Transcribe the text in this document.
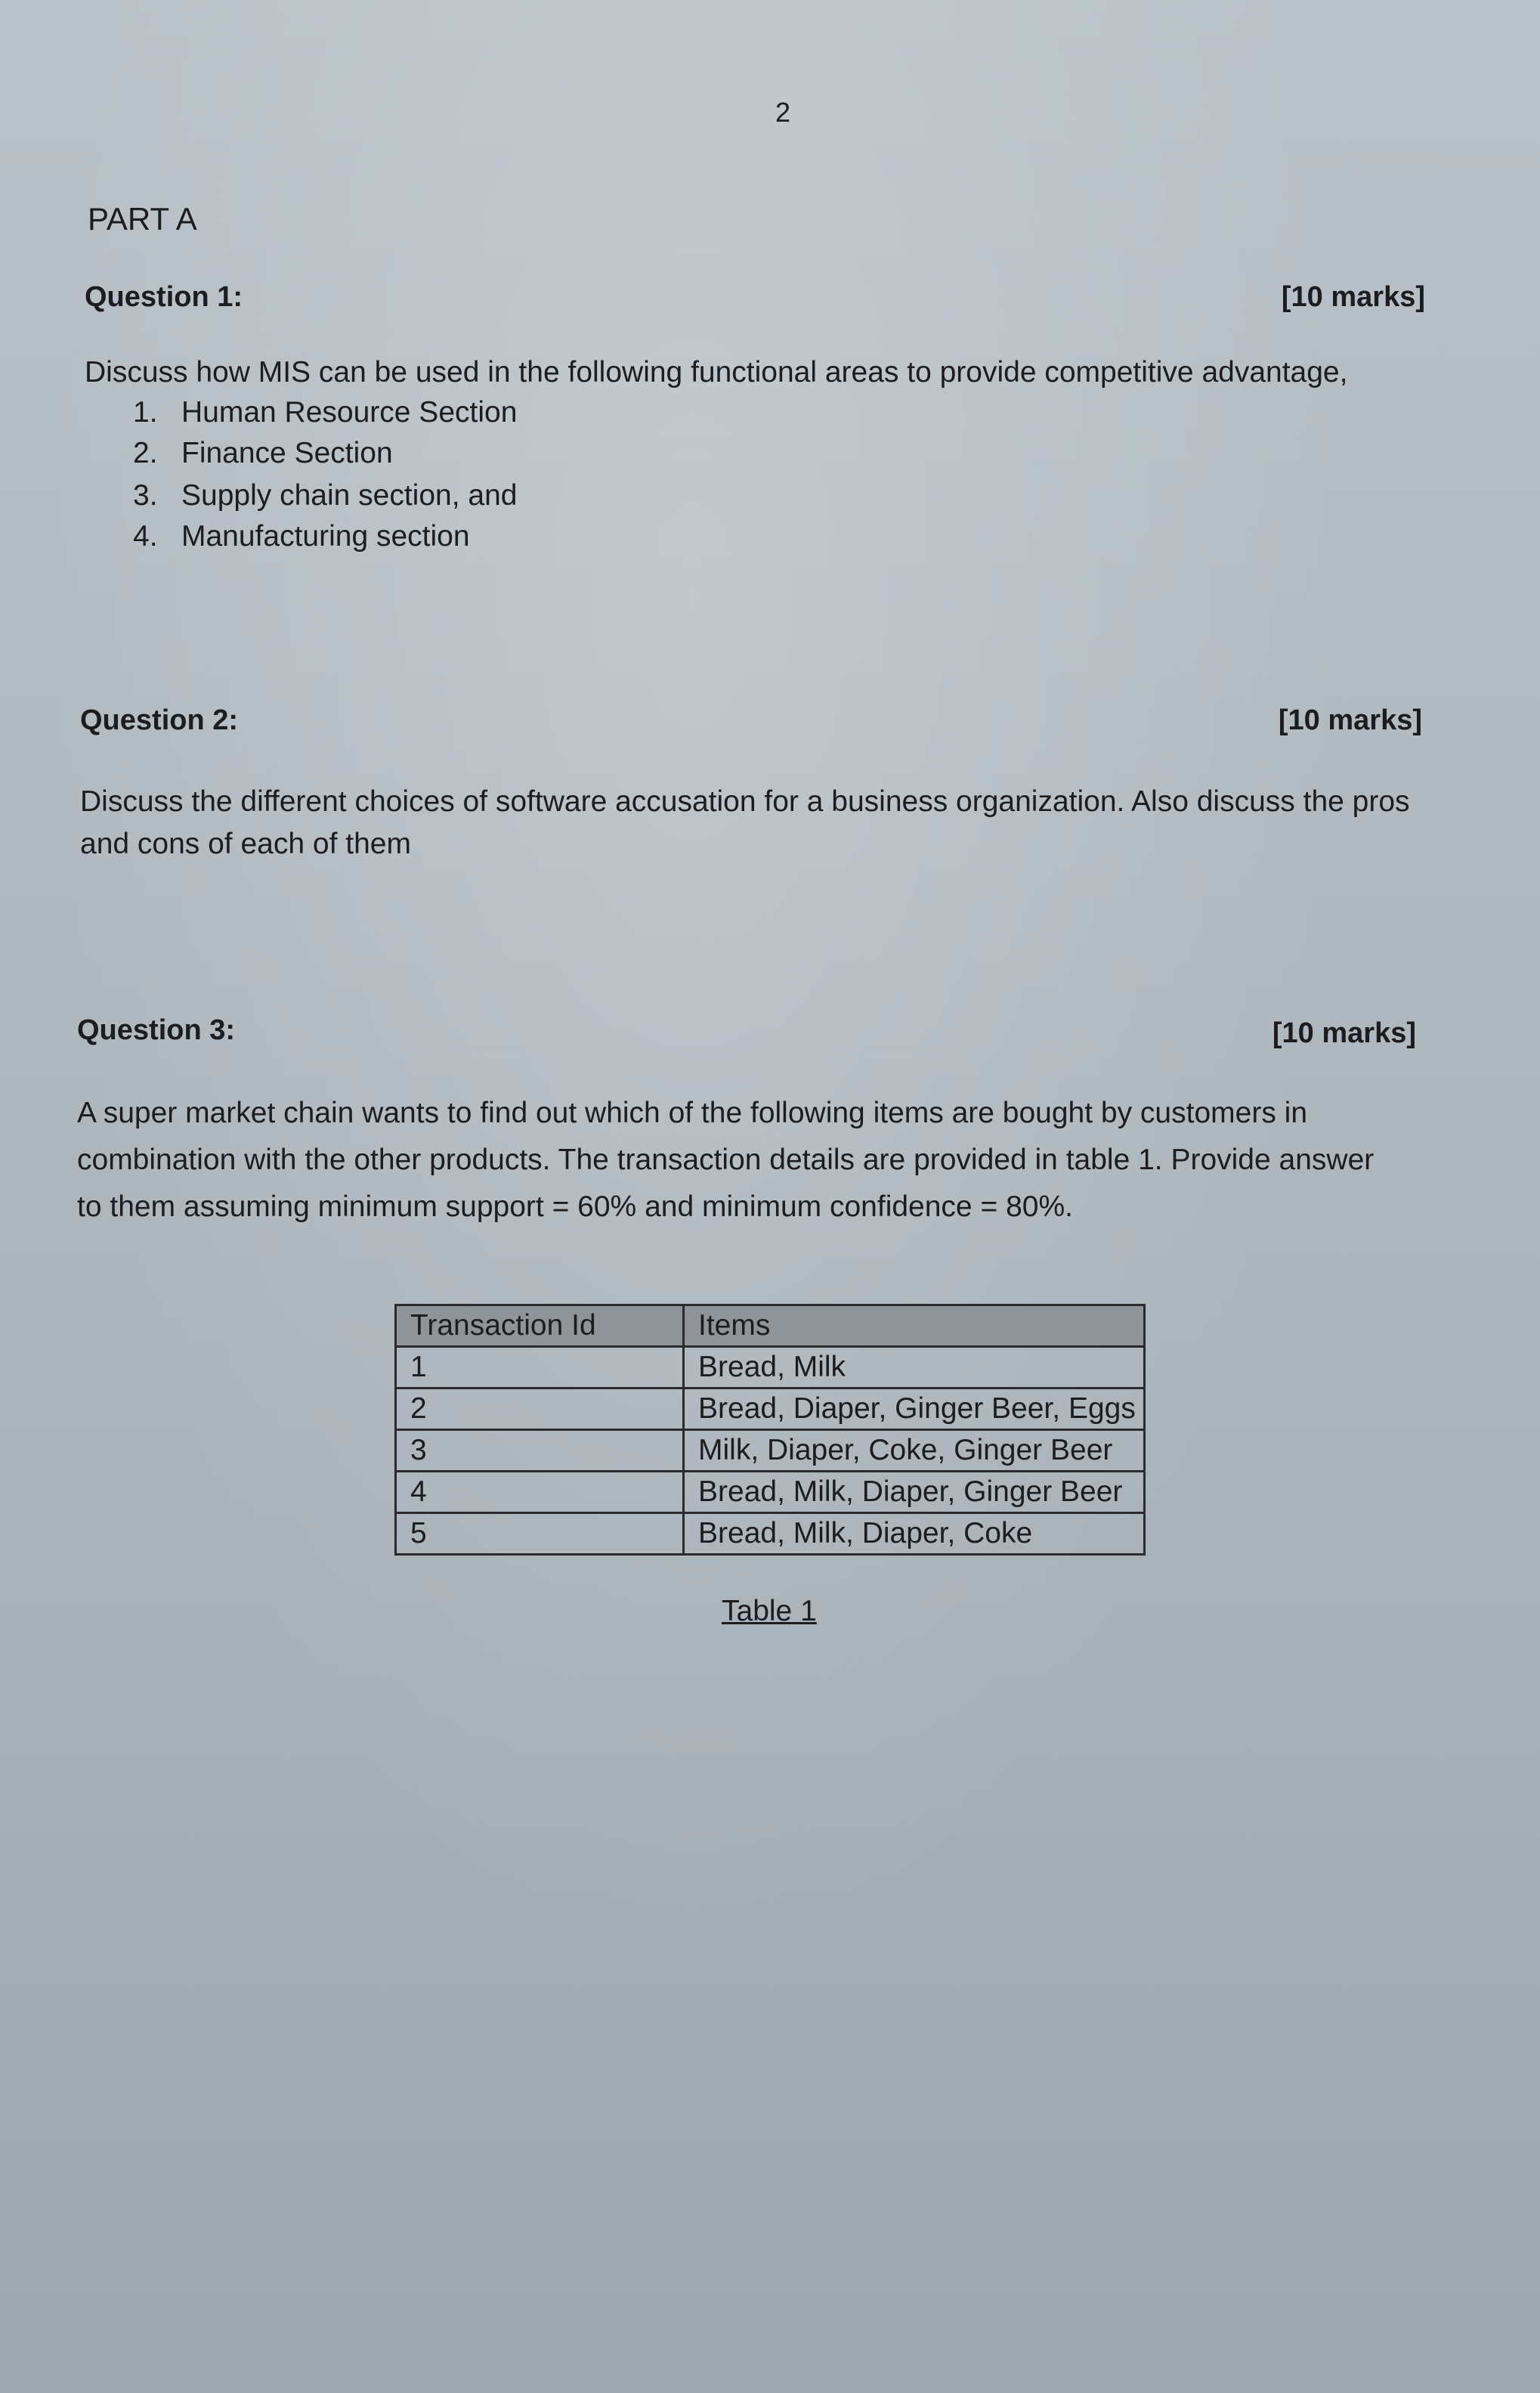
2
PART A
Question 1:	[10 marks]
Discuss how MIS can be used in the following functional areas to provide competitive advantage,
1. Human Resource Section
2. Finance Section
3. Supply chain section, and
4. Manufacturing section
Question 2:	[10 marks]
Discuss the different choices of software accusation for a business organization. Also discuss the pros
and cons of each of them
Question 3:	[10 marks]
A super market chain wants to find out which of the following items are bought by customers in
combination with the other products. The transaction details are provided in table 1. Provide answer
to them assuming minimum support = 60% and minimum confidence = 80%.
Transaction Id	Items
1	Bread, Milk
2	Bread, Diaper, Ginger Beer, Eggs
3	Milk, Diaper, Coke, Ginger Beer
4	Bread, Milk, Diaper, Ginger Beer
5	Bread, Milk, Diaper, Coke
Table 1
